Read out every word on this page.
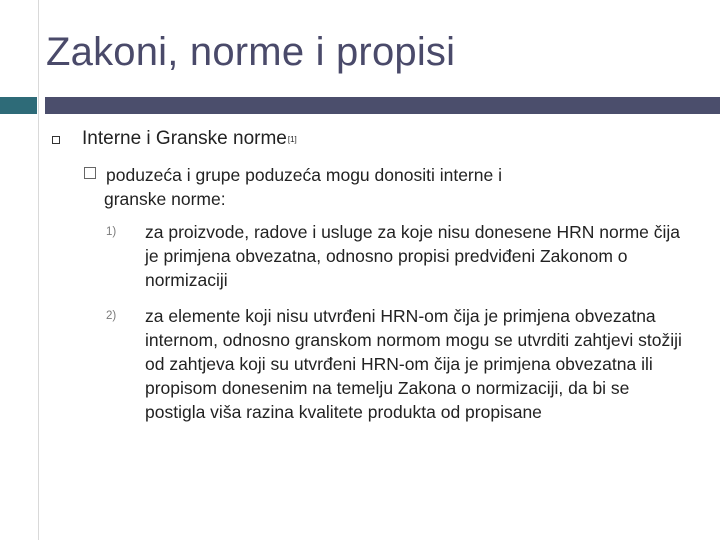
Zakoni, norme i propisi
Interne i Granske norme[1]
poduzeća i grupe poduzeća mogu donositi interne i
granske norme:
1)	za proizvode, radove i usluge za koje nisu donesene HRN norme čija je primjena obvezatna, odnosno propisi predviđeni Zakonom o normizaciji
2)	za elemente koji nisu utvrđeni HRN-om čija je primjena obvezatna internom, odnosno granskom normom mogu se utvrditi zahtjevi stožiji od zahtjeva koji su utvrđeni HRN-om čija je primjena obvezatna ili propisom donesenim na temelju Zakona o normizaciji, da bi se postigla viša razina kvalitete produkta od propisane
